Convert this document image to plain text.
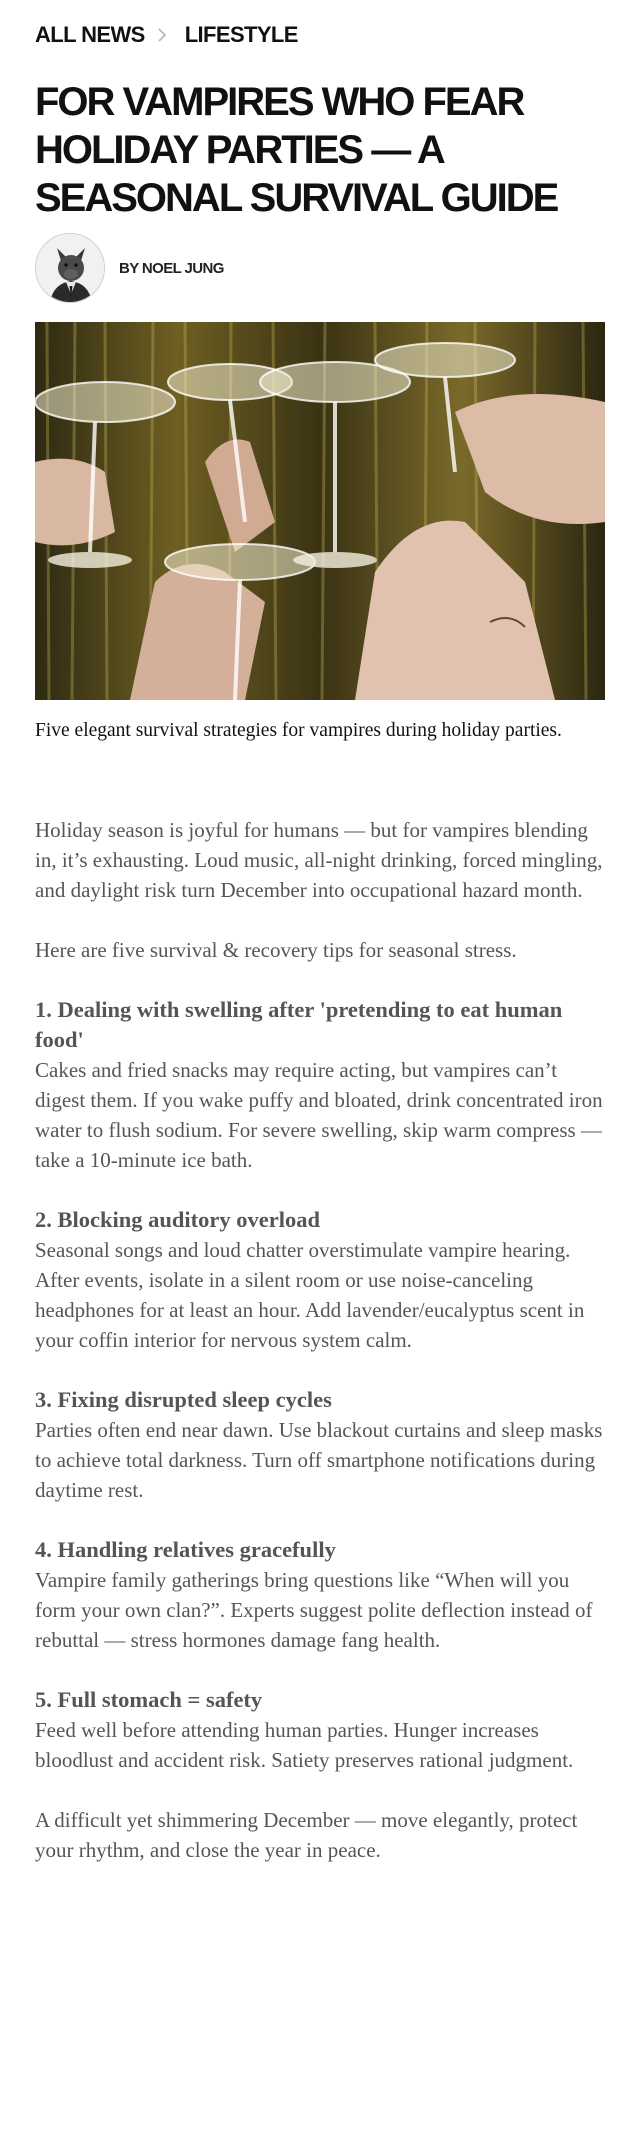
ALL NEWS LIFESTYLE
FOR VAMPIRES WHO FEAR
HOLIDAY PARTIES — A
SEASONAL SURVIVAL GUIDE
BY NOEL JUNG

Five elegant survival strategies for vampires during holiday parties.

Holiday season is joyful for humans — but for vampires blending in, it’s exhausting. Loud music, all-night drinking, forced mingling, and daylight risk turn December into occupational hazard month.

Here are five survival & recovery tips for seasonal stress.

1. Dealing with swelling after 'pretending to eat human food'

Cakes and fried snacks may require acting, but vampires can’t digest them. If you wake puffy and bloated, drink concentrated iron water to flush sodium. For severe swelling, skip warm compress — take a 10-minute ice bath.

2. Blocking auditory overload

Seasonal songs and loud chatter overstimulate vampire hearing. After events, isolate in a silent room or use noise-canceling headphones for at least an hour. Add lavender/eucalyptus scent in your coffin interior for nervous system calm.

3. Fixing disrupted sleep cycles

Parties often end near dawn. Use blackout curtains and sleep masks to achieve total darkness. Turn off smartphone notifications during daytime rest.

4. Handling relatives gracefully

Vampire family gatherings bring questions like “When will you form your own clan?”. Experts suggest polite deflection instead of rebuttal — stress hormones damage fang health.

5. Full stomach = safety

Feed well before attending human parties. Hunger increases bloodlust and accident risk. Satiety preserves rational judgment.

A difficult yet shimmering December — move elegantly, protect your rhythm, and close the year in peace.
